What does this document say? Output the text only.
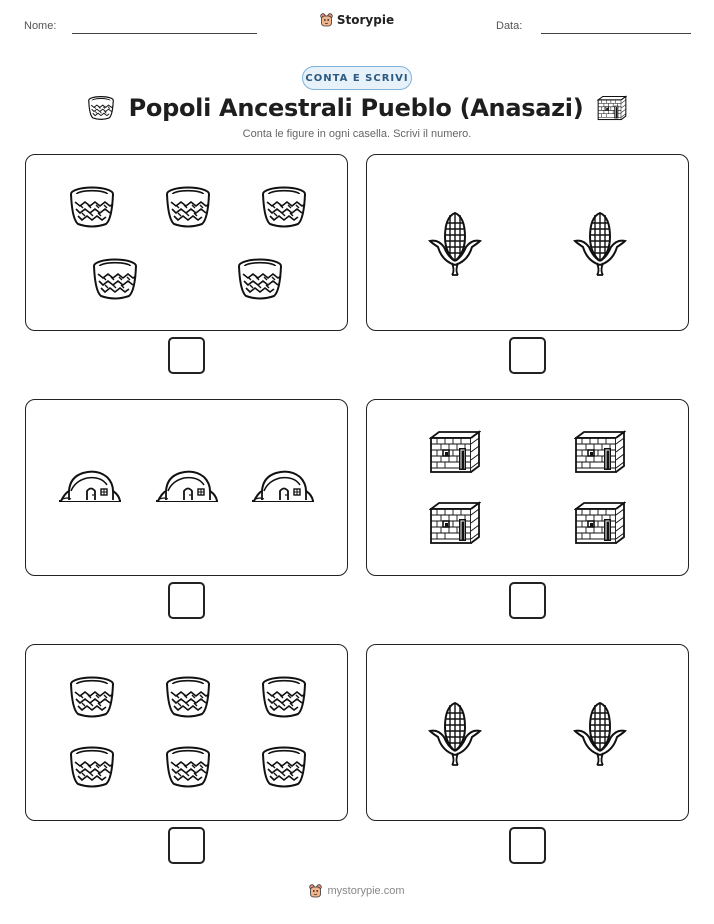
Nome:	Storypie	Data:
CONTA E SCRIVI
Popoli Ancestrali Pueblo (Anasazi)
Conta le figure in ogni casella. Scrivi il numero.
mystorypie.com
